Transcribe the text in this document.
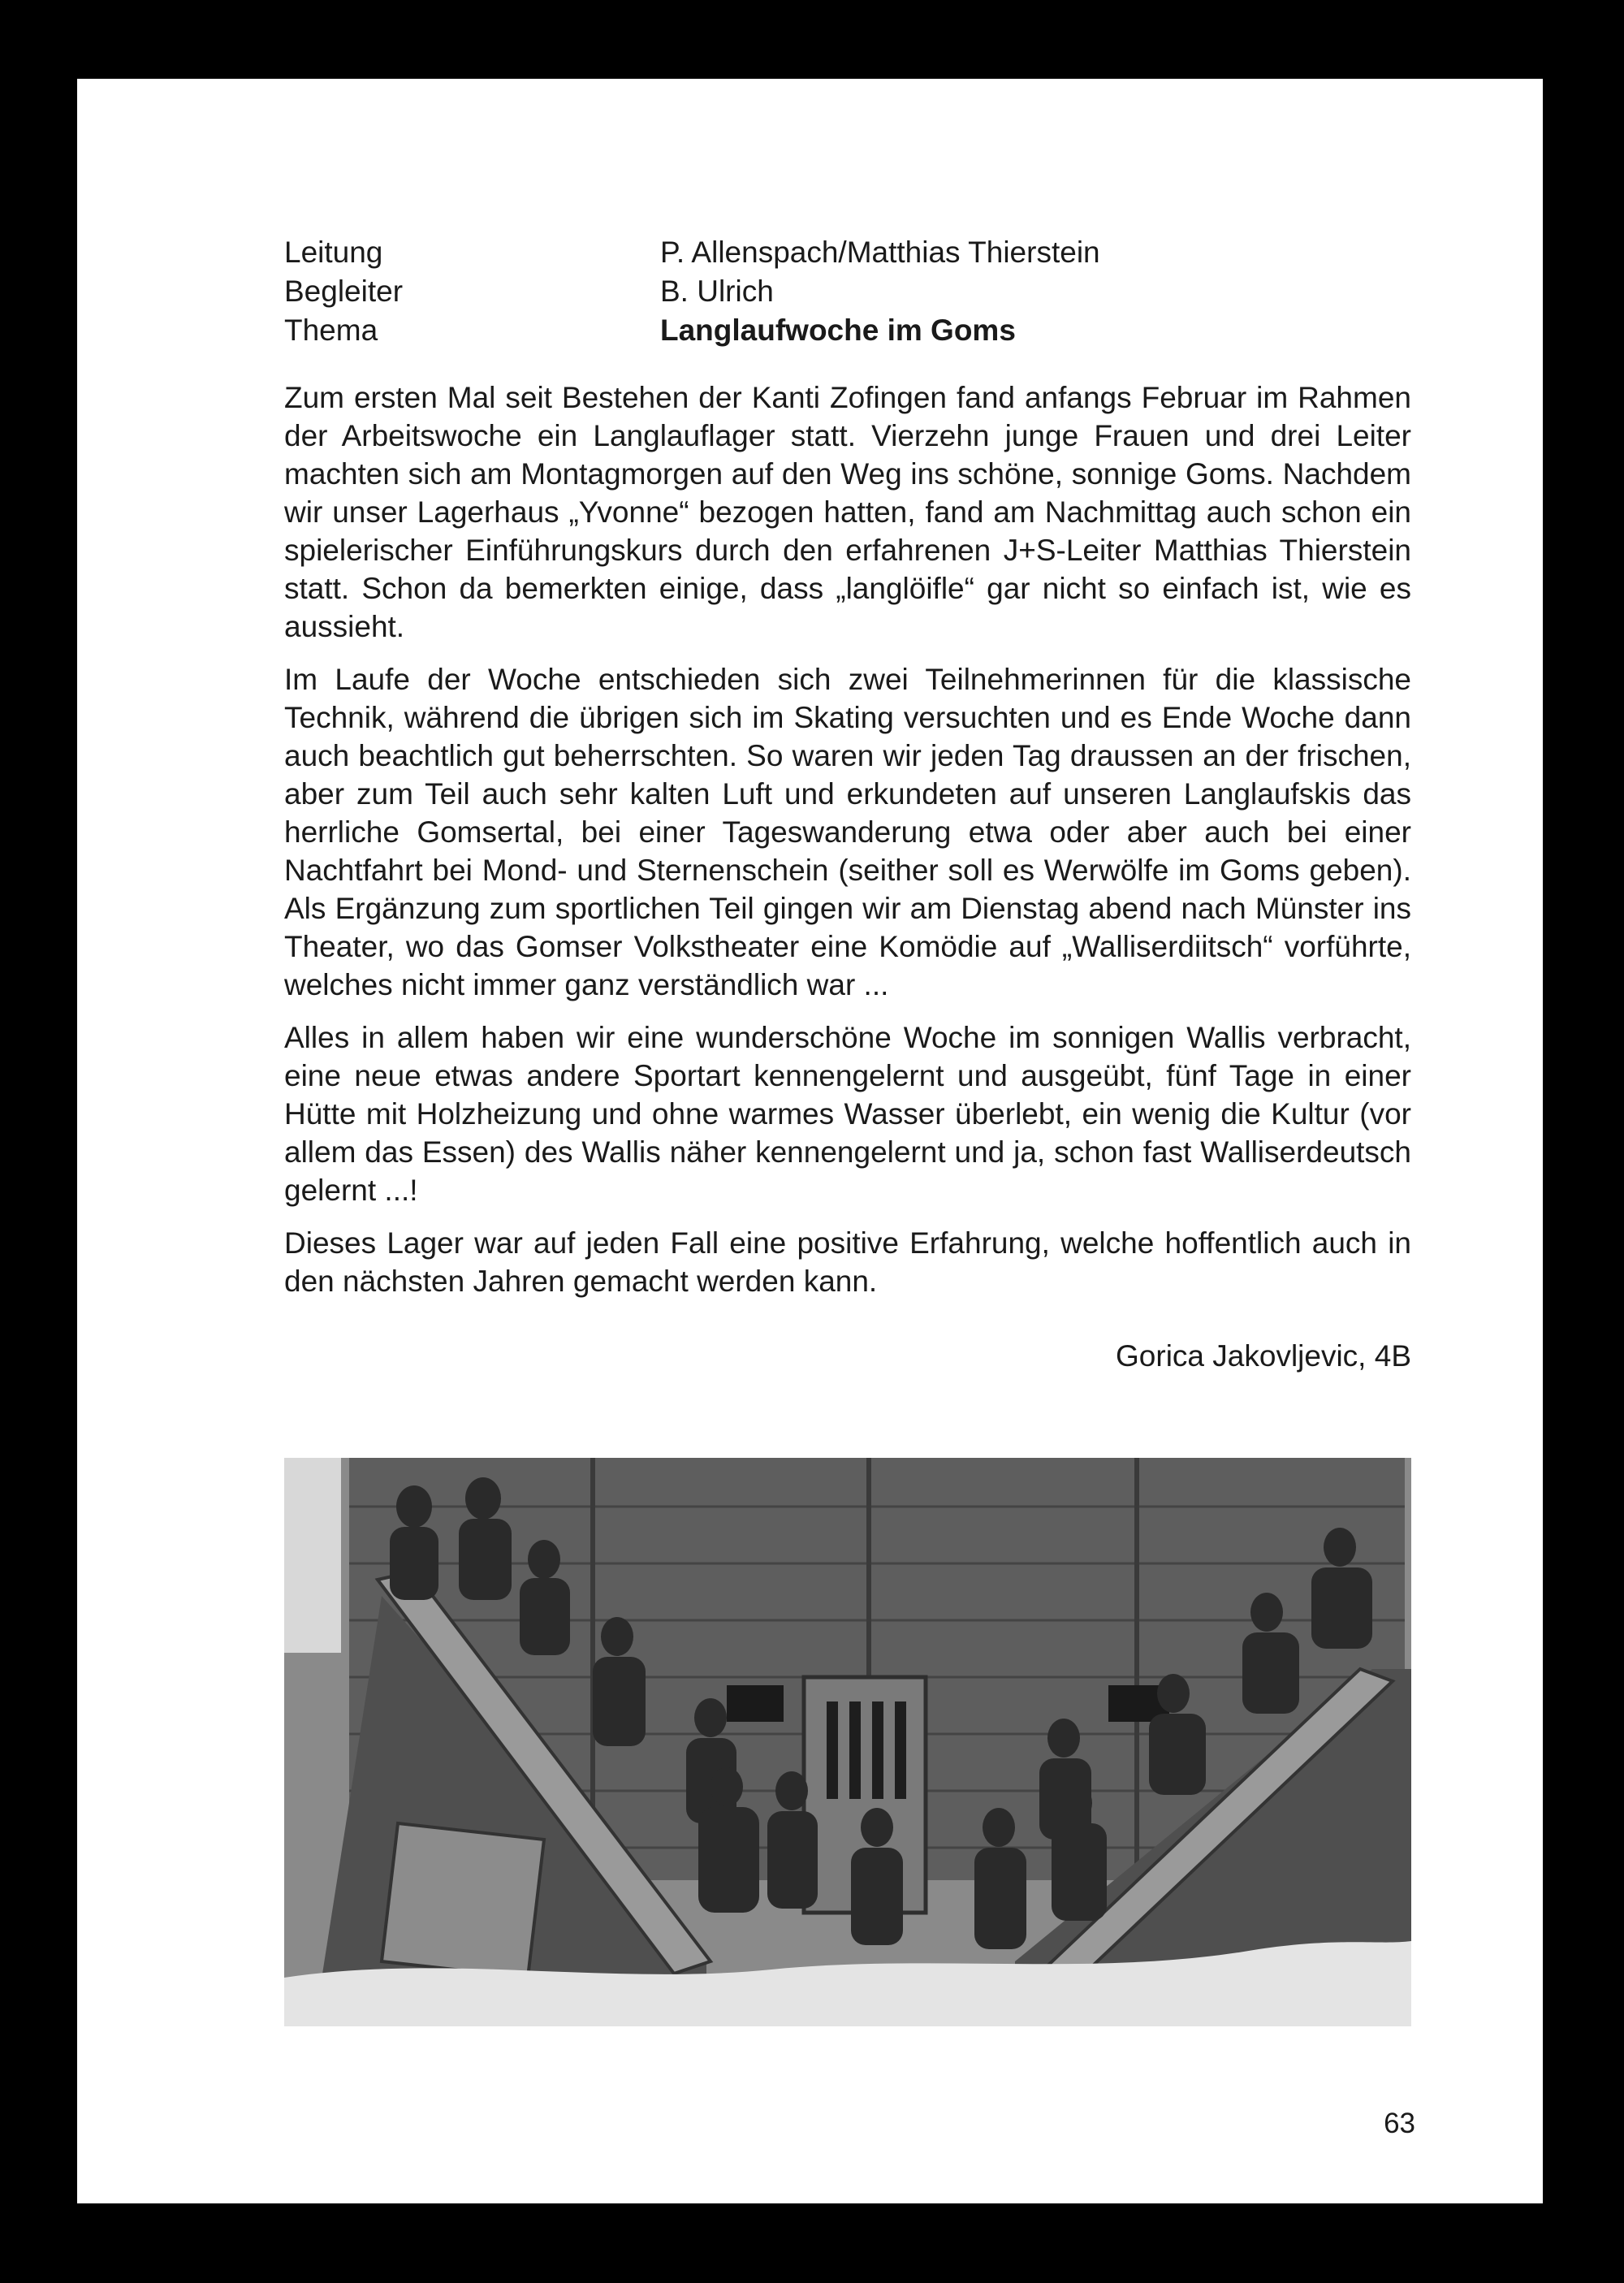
Leitung	P. Allenspach/Matthias Thierstein
Begleiter	B. Ulrich
Thema	Langlaufwoche im Goms

Zum ersten Mal seit Bestehen der Kanti Zofingen fand anfangs Februar im Rahmen der Arbeitswoche ein Langlauflager statt. Vierzehn junge Frauen und drei Leiter machten sich am Montagmorgen auf den Weg ins schöne, sonnige Goms. Nachdem wir unser Lagerhaus „Yvonne“ bezogen hatten, fand am Nachmittag auch schon ein spielerischer Einführungskurs durch den erfahrenen J+S-Leiter Matthias Thierstein statt. Schon da bemerkten einige, dass „langlöifle“ gar nicht so einfach ist, wie es aussieht.

Im Laufe der Woche entschieden sich zwei Teilnehmerinnen für die klassische Technik, während die übrigen sich im Skating versuchten und es Ende Woche dann auch beachtlich gut beherrschten. So waren wir jeden Tag draussen an der frischen, aber zum Teil auch sehr kalten Luft und erkundeten auf unseren Langlaufskis das herrliche Gomsertal, bei einer Tageswanderung etwa oder aber auch bei einer Nachtfahrt bei Mond- und Sternenschein (seither soll es Werwölfe im Goms geben). Als Ergänzung zum sportlichen Teil gingen wir am Dienstag abend nach Münster ins Theater, wo das Gomser Volkstheater eine Komödie auf „Walliserdiitsch“ vorführte, welches nicht immer ganz verständlich war ...

Alles in allem haben wir eine wunderschöne Woche im sonnigen Wallis verbracht, eine neue etwas andere Sportart kennengelernt und ausgeübt, fünf Tage in einer Hütte mit Holzheizung und ohne warmes Wasser überlebt, ein wenig die Kultur (vor allem das Essen) des Wallis näher kennengelernt und ja, schon fast Walliserdeutsch gelernt ...!

Dieses Lager war auf jeden Fall eine positive Erfahrung, welche hoffentlich auch in den nächsten Jahren gemacht werden kann.

Gorica Jakovljevic, 4B
63
